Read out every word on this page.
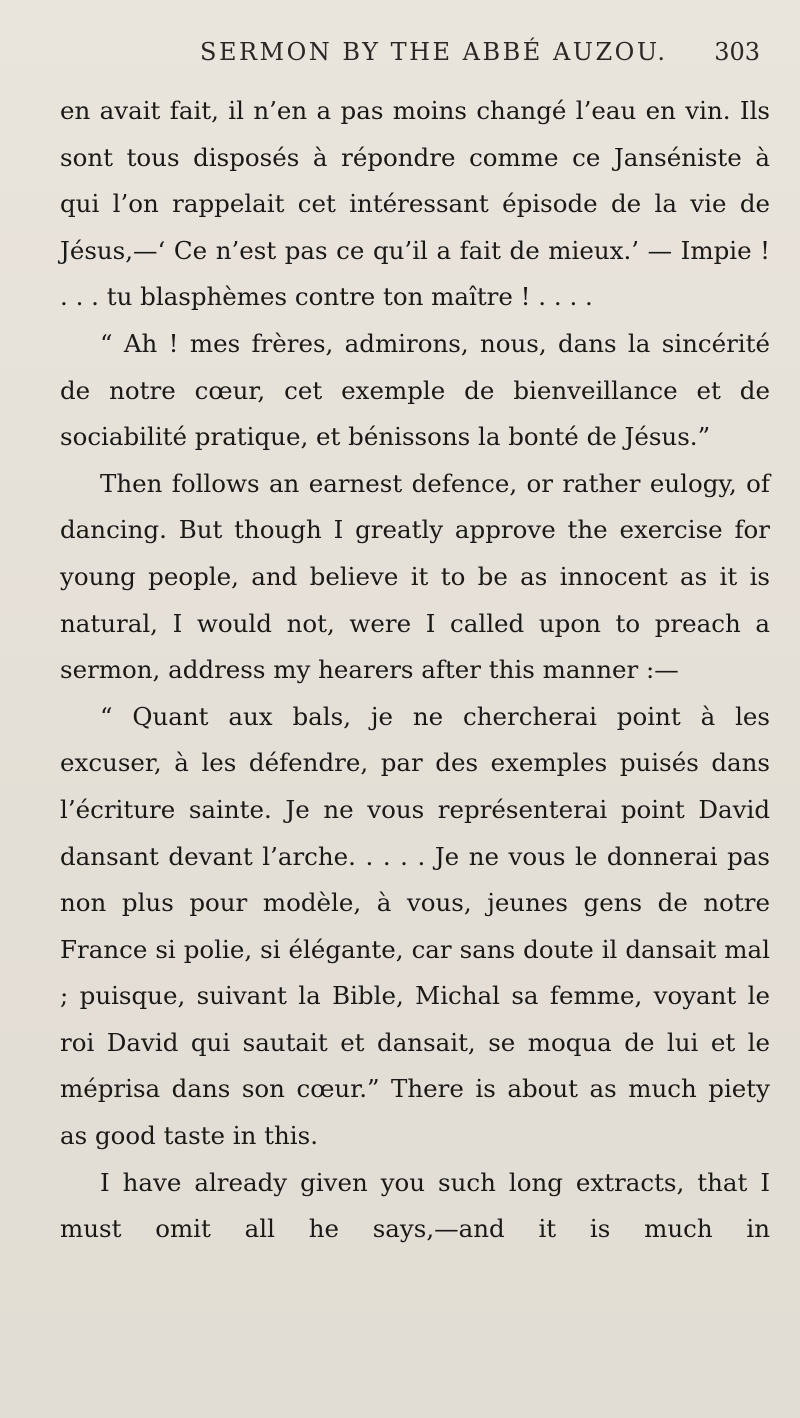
SERMON BY THE ABBÉ AUZOU. 303

en avait fait, il n’en a pas moins changé l’eau en vin. Ils sont tous disposés à répondre comme ce Janséniste à qui l’on rappelait cet intéressant épisode de la vie de Jésus,—‘ Ce n’est pas ce qu’il a fait de mieux.’ — Impie ! . . . tu blasphèmes contre ton maître ! . . . .

“ Ah ! mes frères, admirons, nous, dans la sincérité de notre cœur, cet exemple de bienveillance et de sociabilité pratique, et bénissons la bonté de Jésus.”

Then follows an earnest defence, or rather eulogy, of dancing. But though I greatly approve the exercise for young people, and believe it to be as innocent as it is natural, I would not, were I called upon to preach a sermon, address my hearers after this manner :—

“ Quant aux bals, je ne chercherai point à les excuser, à les défendre, par des exemples puisés dans l’écriture sainte. Je ne vous représenterai point David dansant devant l’arche. . . . . Je ne vous le donnerai pas non plus pour modèle, à vous, jeunes gens de notre France si polie, si élégante, car sans doute il dansait mal ; puisque, suivant la Bible, Michal sa femme, voyant le roi David qui sautait et dansait, se moqua de lui et le méprisa dans son cœur.” There is about as much piety as good taste in this.

I have already given you such long extracts, that I must omit all he says,—and it is much in
